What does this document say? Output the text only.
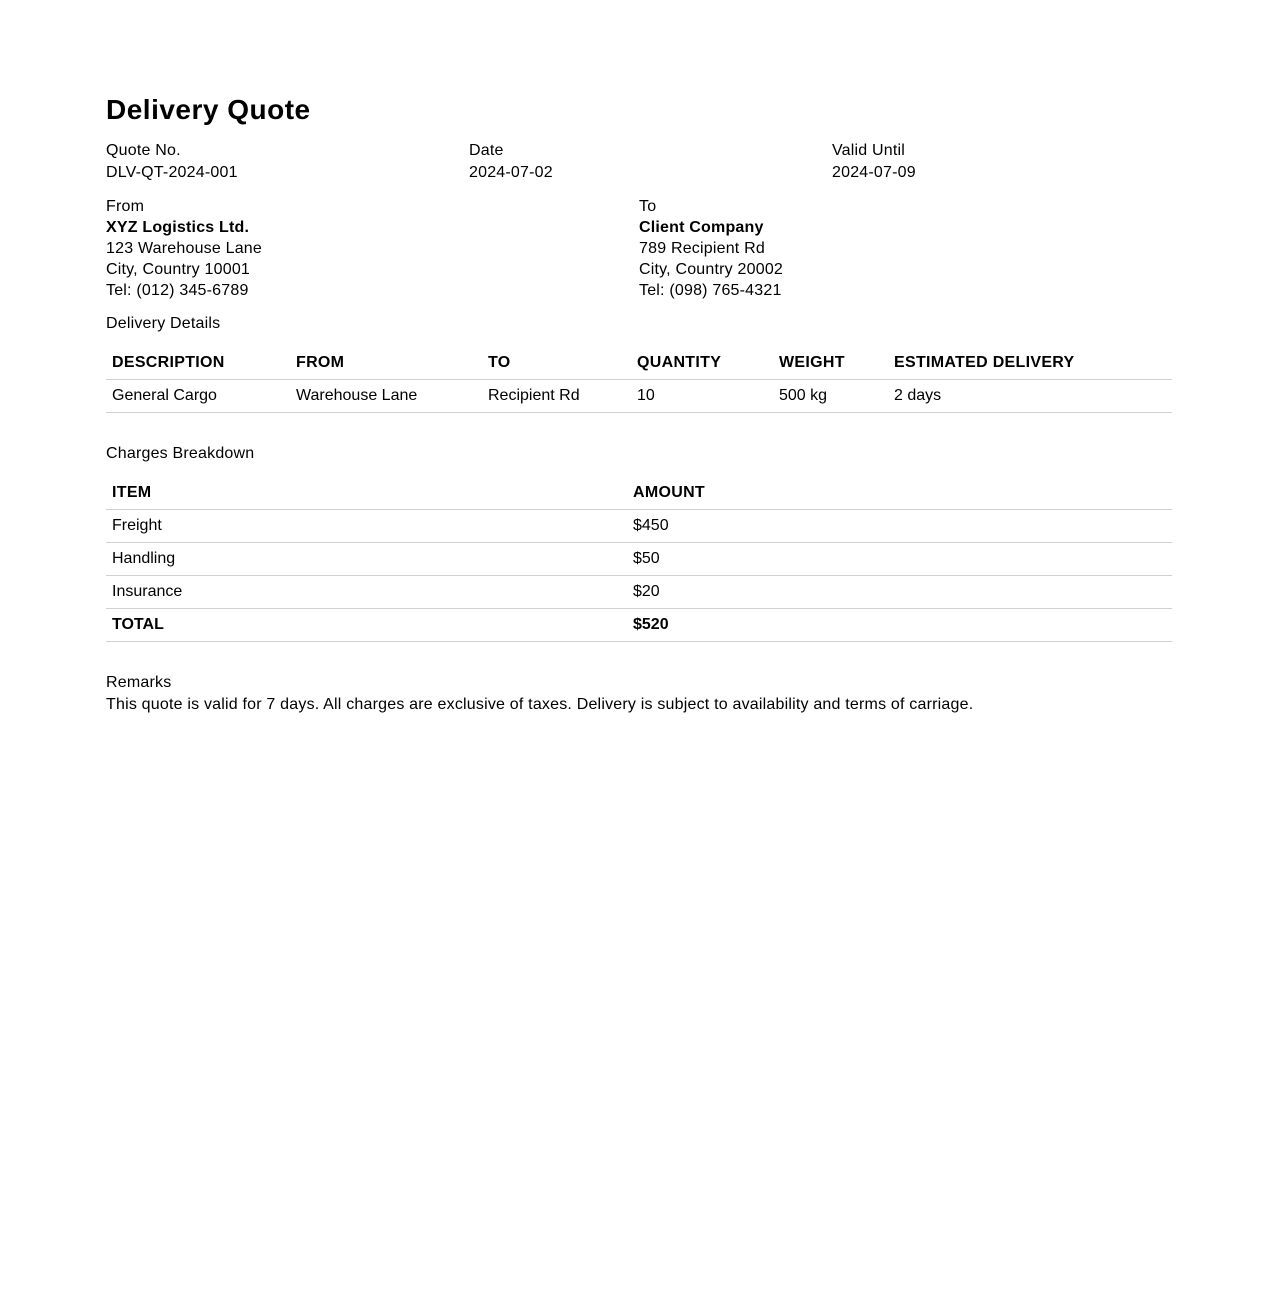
Delivery Quote
Quote No.
DLV-QT-2024-001
Date
2024-07-02
Valid Until
2024-07-09
From
XYZ Logistics Ltd.
123 Warehouse Lane
City, Country 10001
Tel: (012) 345-6789
To
Client Company
789 Recipient Rd
City, Country 20002
Tel: (098) 765-4321
Delivery Details
DESCRIPTION	FROM	TO	QUANTITY	WEIGHT	ESTIMATED DELIVERY
General Cargo	Warehouse Lane	Recipient Rd	10	500 kg	2 days
Charges Breakdown
ITEM	AMOUNT
Freight	$450
Handling	$50
Insurance	$20
TOTAL	$520
Remarks
This quote is valid for 7 days. All charges are exclusive of taxes. Delivery is subject to availability and terms of carriage.
